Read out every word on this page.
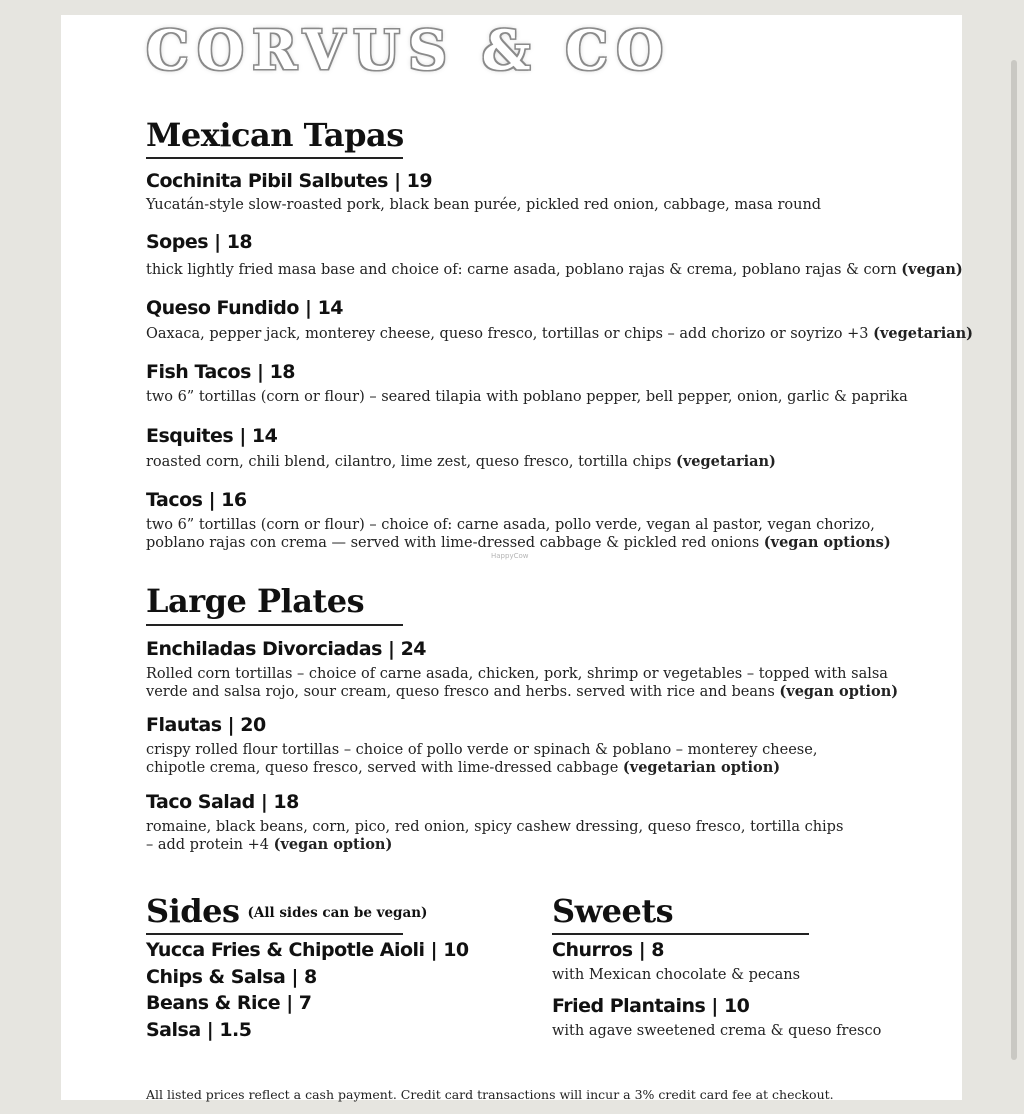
CORVUS & CO
Mexican Tapas
Cochinita Pibil Salbutes | 19
Yucatán-style slow-roasted pork, black bean purée, pickled red onion, cabbage, masa round
Sopes | 18
thick lightly fried masa base and choice of: carne asada, poblano rajas & crema, poblano rajas & corn (vegan)
Queso Fundido | 14
Oaxaca, pepper jack, monterey cheese, queso fresco, tortillas or chips – add chorizo or soyrizo +3 (vegetarian)
Fish Tacos | 18
two 6” tortillas (corn or flour) – seared tilapia with poblano pepper, bell pepper, onion, garlic & paprika
Esquites | 14
roasted corn, chili blend, cilantro, lime zest, queso fresco, tortilla chips (vegetarian)
Tacos | 16
two 6” tortillas (corn or flour) – choice of: carne asada, pollo verde, vegan al pastor, vegan chorizo,
poblano rajas con crema — served with lime-dressed cabbage & pickled red onions (vegan options)
HappyCow
Large Plates
Enchiladas Divorciadas | 24
Rolled corn tortillas – choice of carne asada, chicken, pork, shrimp or vegetables – topped with salsa
verde and salsa rojo, sour cream, queso fresco and herbs. served with rice and beans (vegan option)
Flautas | 20
crispy rolled flour tortillas – choice of pollo verde or spinach & poblano – monterey cheese,
chipotle crema, queso fresco, served with lime-dressed cabbage (vegetarian option)
Taco Salad | 18
romaine, black beans, corn, pico, red onion, spicy cashew dressing, queso fresco, tortilla chips
– add protein +4 (vegan option)
Sides (All sides can be vegan)
Yucca Fries & Chipotle Aioli | 10
Chips & Salsa | 8
Beans & Rice | 7
Salsa | 1.5
Sweets
Churros | 8
with Mexican chocolate & pecans
Fried Plantains | 10
with agave sweetened crema & queso fresco
All listed prices reflect a cash payment. Credit card transactions will incur a 3% credit card fee at checkout.
